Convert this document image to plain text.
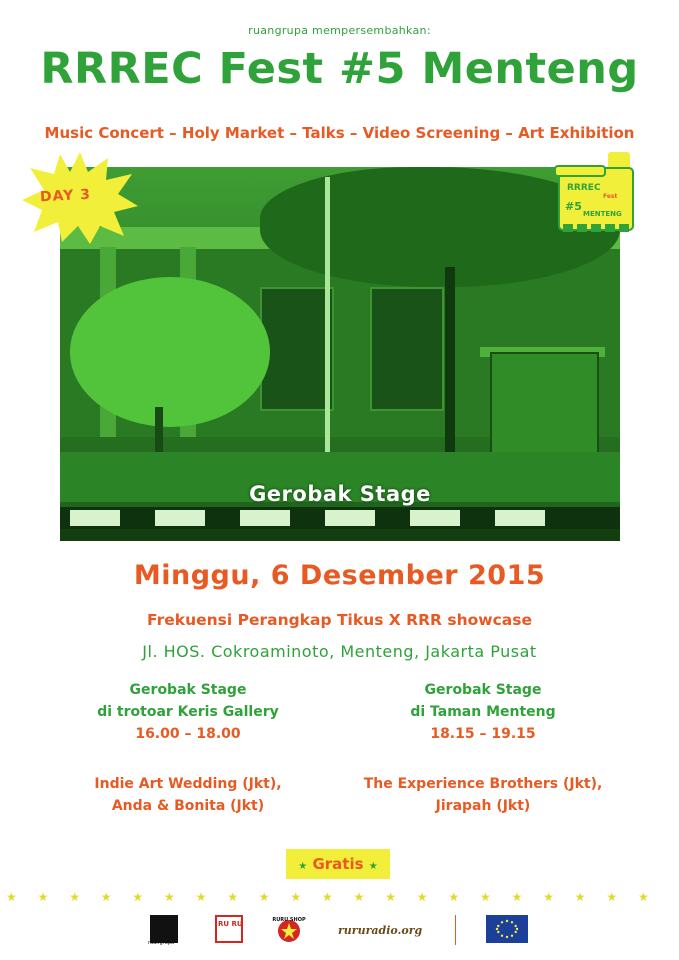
ruangrupa mempersembahkan:
RRREC Fest #5 Menteng
Music Concert – Holy Market – Talks – Video Screening – Art Exhibition
Gerobak Stage
DAY 3	RRREC
Fest
#5
MENTENG
Minggu, 6 Desember 2015
Frekuensi Perangkap Tikus X RRR showcase
Jl. HOS. Cokroaminoto, Menteng, Jakarta Pusat
Gerobak Stage
di trotoar Keris Gallery
16.00 – 18.00
Gerobak Stage
di Taman Menteng
18.15 – 19.15
Indie Art Wedding (Jkt),
Anda & Bonita (Jkt)
The Experience Brothers (Jkt),
Jirapah (Jkt)
★ Gratis ★
★ ★ ★ ★ ★ ★ ★ ★ ★ ★ ★ ★ ★ ★ ★ ★ ★ ★ ★ ★ ★
ruangrupa
RU RU	RURU SHOP
rururadio.org
